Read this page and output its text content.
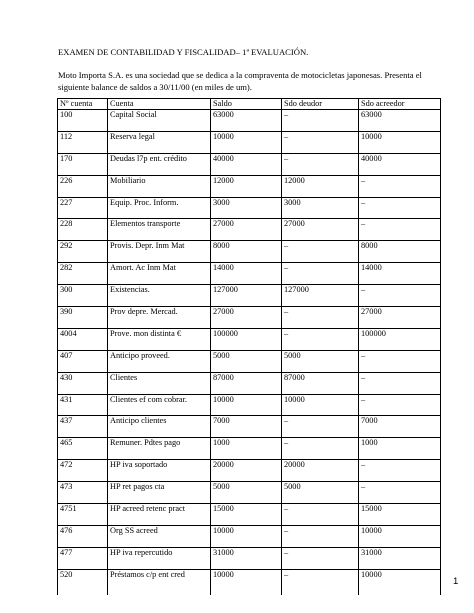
EXAMEN DE CONTABILIDAD Y FISCALIDAD– 1ª EVALUACIÓN.
Moto Importa S.A. es una sociedad que se dedica a la compraventa de motocicletas japonesas. Presenta el siguiente balance de saldos a 30/11/00 (en miles de um).
Nº cuenta	Cuenta	Saldo	Sdo deudor	Sdo acreedor
100	Capital Social	63000	–	63000
112	Reserva legal	10000	–	10000
170	Deudas l7p ent. crédito	40000	–	40000
226	Mobiliario	12000	12000	–
227	Equip. Proc. Inform.	3000	3000	–
228	Elementos transporte	27000	27000	–
292	Provis. Depr. Inm Mat	8000	–	8000
282	Amort. Ac Inm Mat	14000	–	14000
300	Existencias.	127000	127000	–
390	Prov depre. Mercad.	27000	–	27000
4004	Prove. mon distinta €	100000	–	100000
407	Anticipo proveed.	5000	5000	–
430	Clientes	87000	87000	–
431	Clientes ef com cobrar.	10000	10000	–
437	Anticipo clientes	7000	–	7000
465	Remuner. Pdtes pago	1000	–	1000
472	HP iva soportado	20000	20000	–
473	HP ret pagos cta	5000	5000	–
4751	HP acreed retenc pract	15000	–	15000
476	Org SS acreed	10000	–	10000
477	HP iva repercutido	31000	–	31000
520	Préstamos c/p ent cred	10000	–	10000
1
